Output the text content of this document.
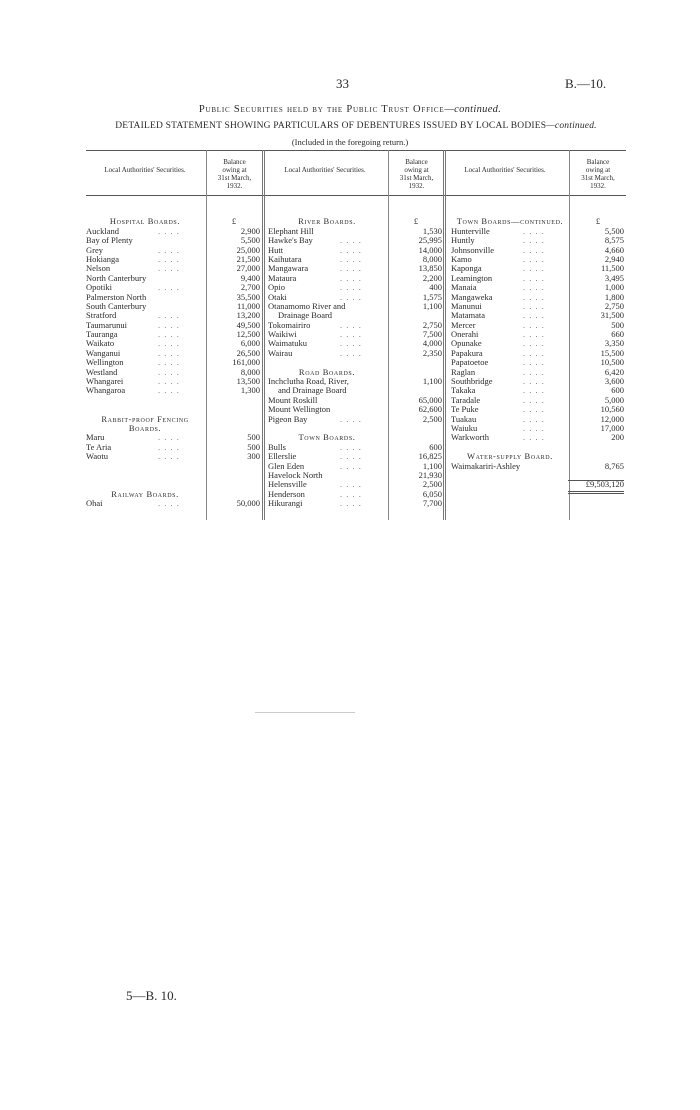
33	B.—10.
Public Securities held by the Public Trust Office—continued.
DETAILED STATEMENT SHOWING PARTICULARS OF DEBENTURES ISSUED BY LOCAL BODIES—continued.
(Included in the foregoing return.)
Local Authorities' Securities.
Balance
owing at
31st March,
1932.
Local Authorities' Securities.
Balance
owing at
31st March,
1932.
Local Authorities' Securities.
Balance
owing at
31st March,
1932.
Hospital Boards.	£
Auckland	. . . .	2,900
Bay of Plenty	5,500
Grey	. . . .	25,000
Hokianga	. . . .	21,500
Nelson	. . . .	27,000
North Canterbury	9,400
Opotiki	. . . .	2,700
Palmerston North	35,500
South Canterbury	11,000
Stratford	. . . .	13,200
Taumarunui	. . . .	49,500
Tauranga	. . . .	12,500
Waikato	. . . .	6,000
Wanganui	. . . .	26,500
Wellington	. . . .	161,000
Westland	. . . .	8,000
Whangarei	. . . .	13,500
Whangaroa	. . . .	1,300
Rabbit-proof Fencing
Boards.
Maru	. . . .	500
Te Aria	. . . .	500
Waotu	. . . .	300
Railway Boards.
Ohai	. . . .	50,000
River Boards.	£
Elephant Hill	1,530
Hawke's Bay	. . . .	25,995
Hutt	. . . .	14,000
Kaihutara	. . . .	8,000
Mangawara	. . . .	13,850
Mataura	. . . .	2,200
Opio	. . . .	400
Otaki	. . . .	1,575
Otanamomo River and	1,100
Drainage Board
Tokomairiro	. . . .	2,750
Waikiwi	. . . .	7,500
Waimatuku	. . . .	4,000
Wairau	. . . .	2,350
Road Boards.
Inchclutha Road, River,	1,100
and Drainage Board
Mount Roskill	65,000
Mount Wellington	62,600
Pigeon Bay	. . . .	2,500
Town Boards.
Bulls	. . . .	600
Ellerslie	. . . .	16,825
Glen Eden	. . . .	1,100
Havelock North	21,930
Helensville	. . . .	2,500
Henderson	. . . .	6,050
Hikurangi	. . . .	7,700
Town Boards—continued.	£
Hunterville	. . . .	5,500
Huntly	. . . .	8,575
Johnsonville	. . . .	4,660
Kamo	. . . .	2,940
Kaponga	. . . .	11,500
Leamington	. . . .	3,495
Manaia	. . . .	1,000
Mangaweka	. . . .	1,800
Manunui	. . . .	2,750
Matamata	. . . .	31,500
Mercer	. . . .	500
Onerahi	. . . .	660
Opunake	. . . .	3,350
Papakura	. . . .	15,500
Papatoetoe	. . . .	10,500
Raglan	. . . .	6,420
Southbridge	. . . .	3,600
Takaka	. . . .	600
Taradale	. . . .	5,000
Te Puke	. . . .	10,560
Tuakau	. . . .	12,000
Waiuku	. . . .	17,000
Warkworth	. . . .	200
Water-supply Board.
Waimakariri-Ashley	8,765
£9,503,120
5—B. 10.
